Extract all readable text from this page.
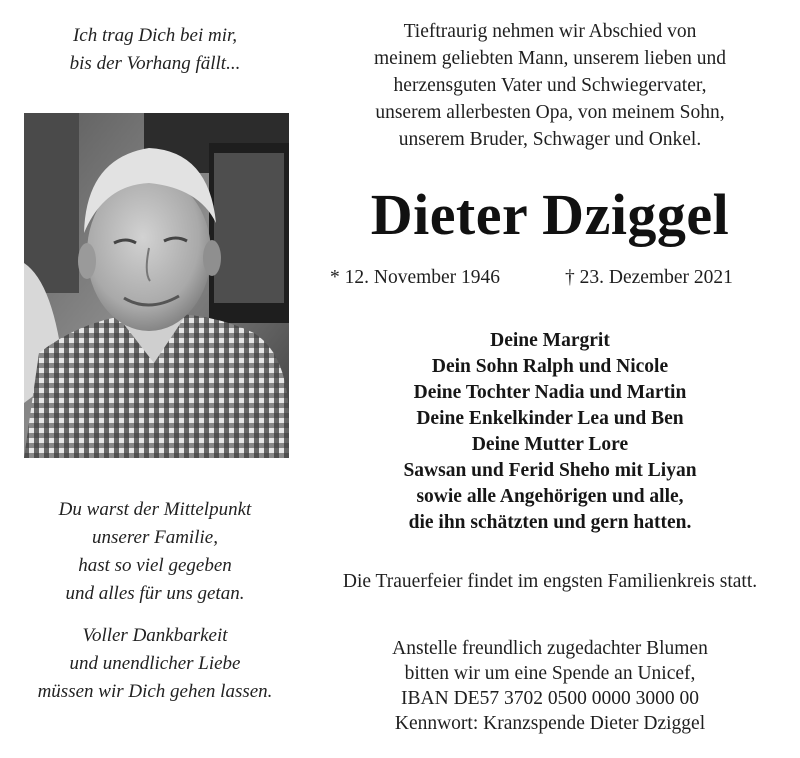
Ich trag Dich bei mir,

bis der Vorhang fällt...

Du warst der Mittelpunkt

unserer Familie,

hast so viel gegeben

und alles für uns getan.

Voller Dankbarkeit

und unendlicher Liebe

müssen wir Dich gehen lassen.

Tieftraurig nehmen wir Abschied von

meinem geliebten Mann, unserem lieben und

herzensguten Vater und Schwiegervater,

unserem allerbesten Opa, von meinem Sohn,

unserem Bruder, Schwager und Onkel.

Dieter Dziggel
* 12. November 1946	† 23. Dezember 2021

Deine Margrit

Dein Sohn Ralph und Nicole

Deine Tochter Nadia und Martin

Deine Enkelkinder Lea und Ben

Deine Mutter Lore

Sawsan und Ferid Sheho mit Liyan

sowie alle Angehörigen und alle,

die ihn schätzten und gern hatten.

Die Trauerfeier findet im engsten Familienkreis statt.

Anstelle freundlich zugedachter Blumen

bitten wir um eine Spende an Unicef,

IBAN DE57 3702 0500 0000 3000 00

Kennwort: Kranzspende Dieter Dziggel
